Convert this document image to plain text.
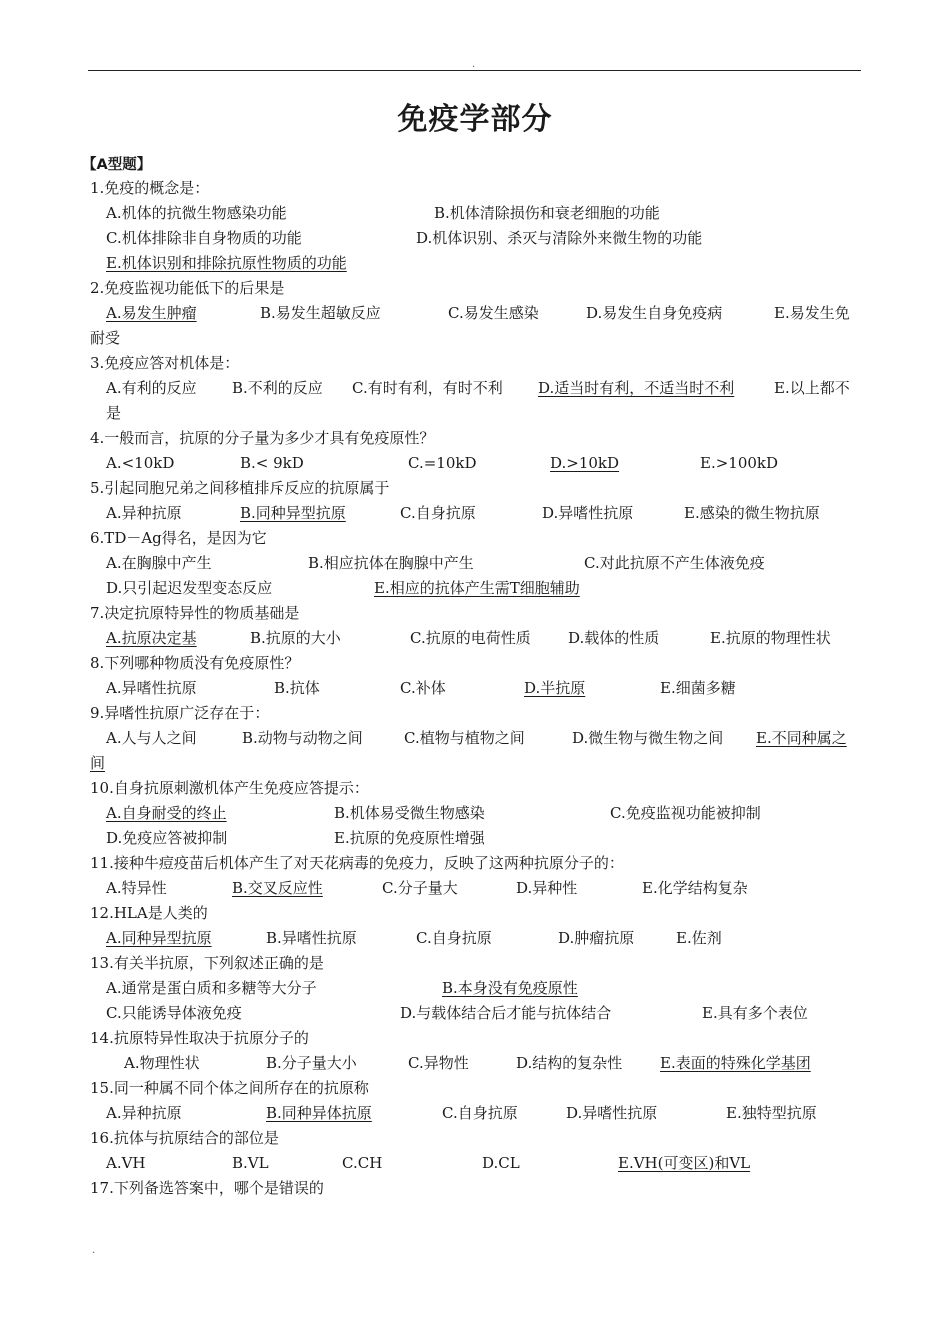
.
免疫学部分
【A型题】
1.免疫的概念是：
A.机体的抗微生物感染功能	B.机体清除损伤和衰老细胞的功能
C.机体排除非自身物质的功能	D.机体识别、杀灭与清除外来微生物的功能
E.机体识别和排除抗原性物质的功能
2.免疫监视功能低下的后果是
A.易发生肿瘤	B.易发生超敏反应	C.易发生感染	D.易发生自身免疫病	E.易发生免
耐受
3.免疫应答对机体是：
A.有利的反应 B.不利的反应 C.有时有利，有时不利 D.适当时有利，不适当时不利	E.以上都不
是
4.一般而言，抗原的分子量为多少才具有免疫原性？
A.<10kD	B.< 9kD	C.=10kD	D.>10kD	E.>100kD
5.引起同胞兄弟之间移植排斥反应的抗原属于
A.异种抗原	B.同种异型抗原	C.自身抗原	D.异嗜性抗原	E.感染的微生物抗原
6.TD－Ag得名，是因为它
A.在胸腺中产生	B.相应抗体在胸腺中产生	C.对此抗原不产生体液免疫
D.只引起迟发型变态反应	E.相应的抗体产生需T细胞辅助
7.决定抗原特异性的物质基础是
A.抗原决定基	B.抗原的大小	C.抗原的电荷性质 D.载体的性质	E.抗原的物理性状
8.下列哪种物质没有免疫原性？
A.异嗜性抗原	B.抗体	C.补体	D.半抗原	E.细菌多糖
9.异嗜性抗原广泛存在于：
A.人与人之间	B.动物与动物之间	C.植物与植物之间	D.微生物与微生物之间 E.不同种属之
间
10.自身抗原刺激机体产生免疫应答提示：
A.自身耐受的终止	B.机体易受微生物感染	C.免疫监视功能被抑制
D.免疫应答被抑制	E.抗原的免疫原性增强
11.接种牛痘疫苗后机体产生了对天花病毒的免疫力，反映了这两种抗原分子的：
A.特异性	B.交叉反应性	C.分子量大	D.异种性	E.化学结构复杂
12.HLA是人类的
A.同种异型抗原	B.异嗜性抗原	C.自身抗原	D.肿瘤抗原	E.佐剂
13.有关半抗原，下列叙述正确的是
A.通常是蛋白质和多糖等大分子	B.本身没有免疫原性
C.只能诱导体液免疫	D.与载体结合后才能与抗体结合	E.具有多个表位
14.抗原特异性取决于抗原分子的
A.物理性状	B.分子量大小	C.异物性	D.结构的复杂性	E.表面的特殊化学基团
15.同一种属不同个体之间所存在的抗原称
A.异种抗原	B.同种异体抗原	C.自身抗原	D.异嗜性抗原	E.独特型抗原
16.抗体与抗原结合的部位是
A.VH	B.VL	C.CH	D.CL	E.VH(可变区)和VL
17.下列备选答案中，哪个是错误的
.
